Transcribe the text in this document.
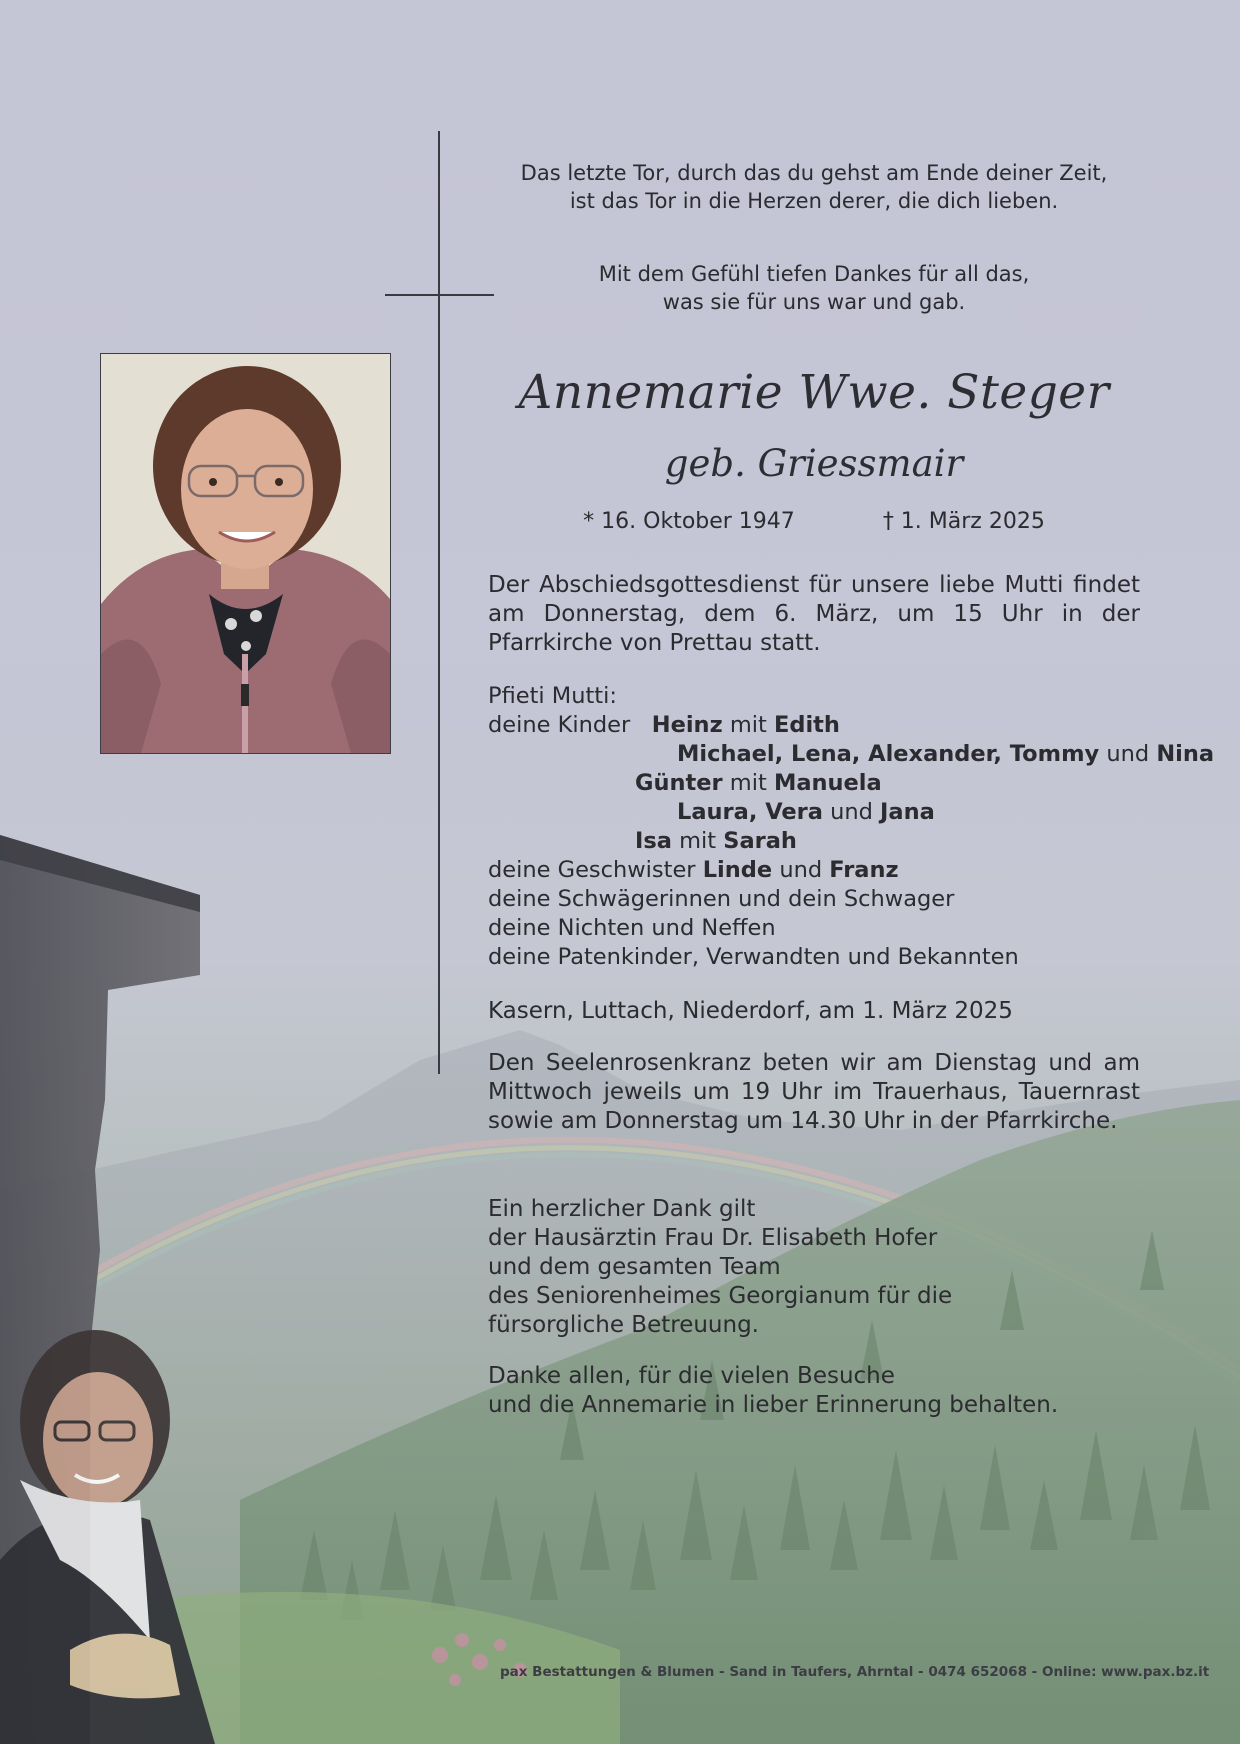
Das letzte Tor, durch das du gehst am Ende deiner Zeit,
ist das Tor in die Herzen derer, die dich lieben.
Mit dem Gefühl tiefen Dankes für all das,
was sie für uns war und gab.
Annemarie Wwe. Steger
geb. Griessmair
* 16. Oktober 1947	† 1. März 2025
Der Abschiedsgottesdienst für unsere liebe Mutti findet am Donnerstag, dem 6. März, um 15 Uhr in der Pfarrkirche von Prettau statt.
Pfieti Mutti:
deine Kinder Heinz mit Edith
Michael, Lena, Alexander, Tommy und Nina
Günter mit Manuela
Laura, Vera und Jana
Isa mit Sarah
deine Geschwister Linde und Franz
deine Schwägerinnen und dein Schwager
deine Nichten und Neffen
deine Patenkinder, Verwandten und Bekannten
Kasern, Luttach, Niederdorf, am 1. März 2025
Den Seelenrosenkranz beten wir am Dienstag und am Mittwoch jeweils um 19 Uhr im Trauerhaus, Tauernrast sowie am Donnerstag um 14.30 Uhr in der Pfarrkirche.
Ein herzlicher Dank gilt
der Hausärztin Frau Dr. Elisabeth Hofer
und dem gesamten Team
des Seniorenheimes Georgianum für die
fürsorgliche Betreuung.
Danke allen, für die vielen Besuche
und die Annemarie in lieber Erinnerung behalten.
pax Bestattungen & Blumen - Sand in Taufers, Ahrntal - 0474 652068 - Online: www.pax.bz.it
